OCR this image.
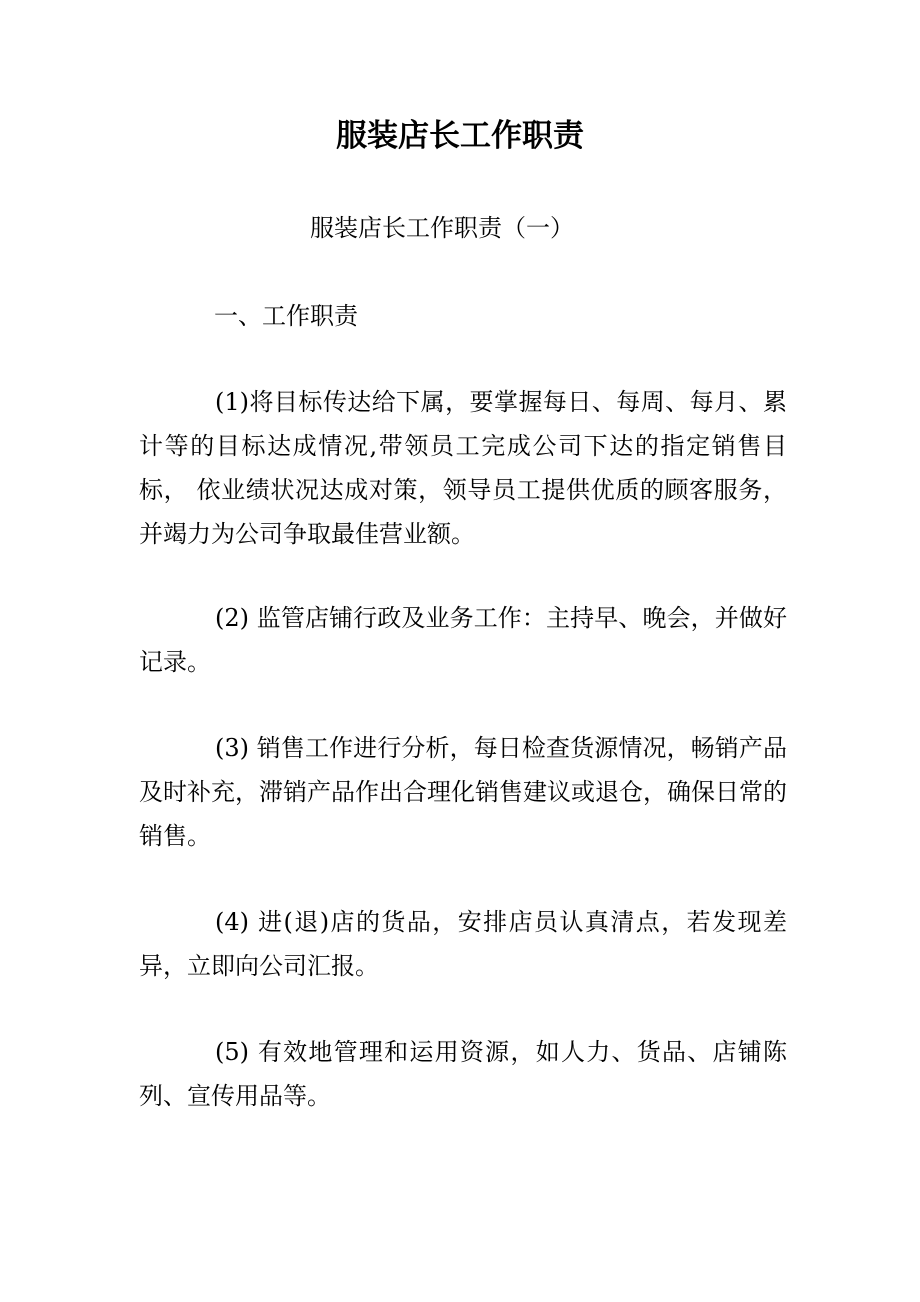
服装店长工作职责
服装店长工作职责（一）
一、工作职责

(1)将目标传达给下属，要掌握每日、每周、每月、累计等的目标达成情况,带领员工完成公司下达的指定销售目标， 依业绩状况达成对策，领导员工提供优质的顾客服务，并竭力为公司争取最佳营业额。

(2) 监管店铺行政及业务工作：主持早、晚会，并做好记录。

(3) 销售工作进行分析，每日检查货源情况，畅销产品及时补充，滞销产品作出合理化销售建议或退仓，确保日常的销售。

(4) 进(退)店的货品，安排店员认真清点，若发现差异，立即向公司汇报。

(5) 有效地管理和运用资源，如人力、货品、店铺陈列、宣传用品等。
